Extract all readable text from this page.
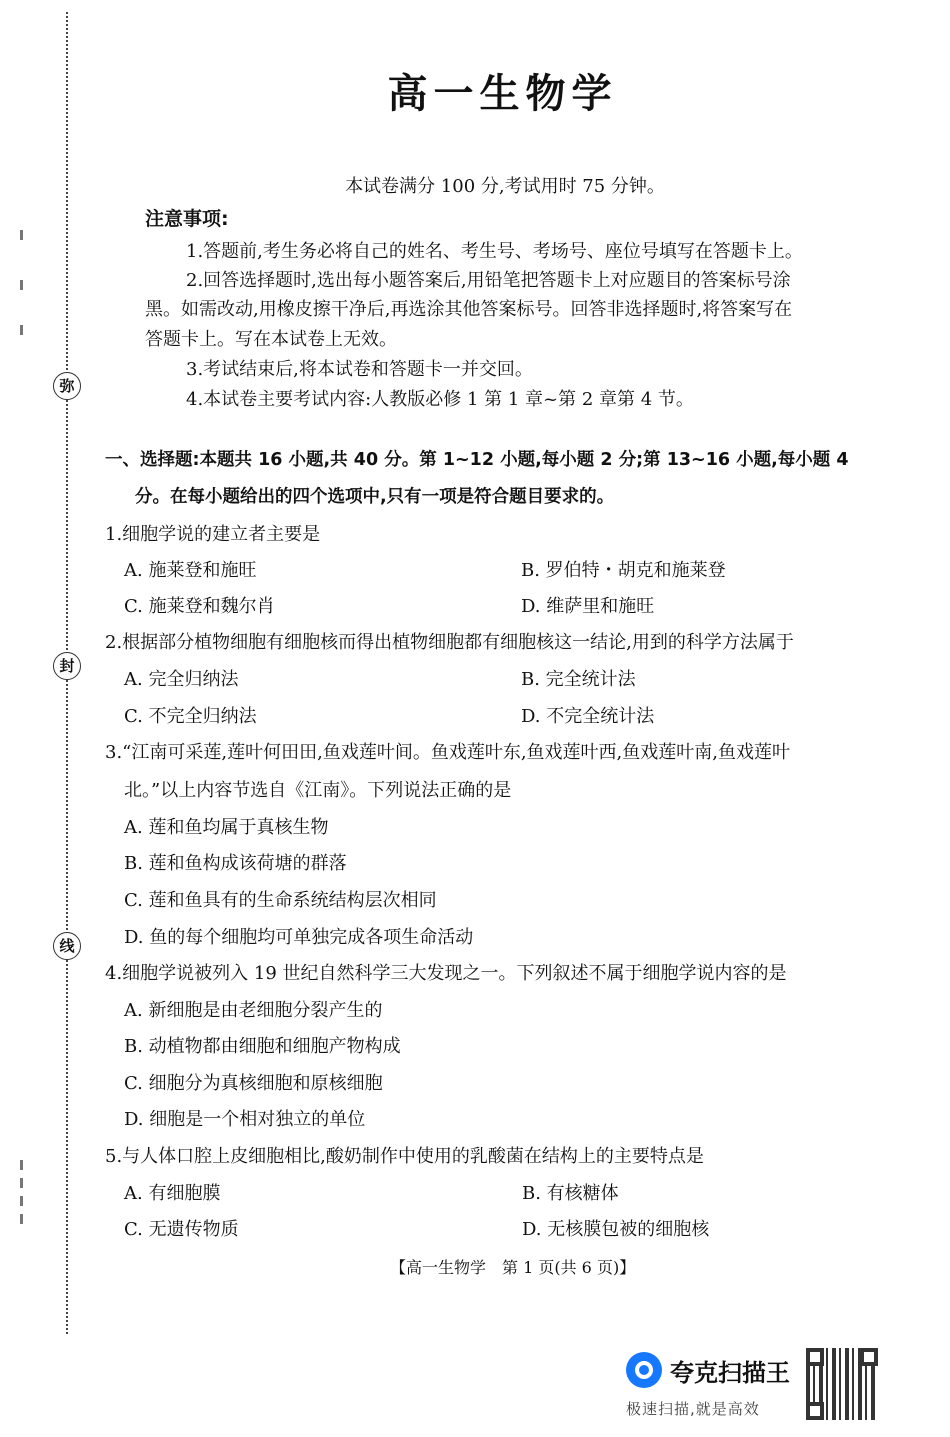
弥
封
线
高一生物学
本试卷满分 100 分,考试用时 75 分钟。
注意事项:
1.答题前,考生务必将自己的姓名、考生号、考场号、座位号填写在答题卡上。
2.回答选择题时,选出每小题答案后,用铅笔把答题卡上对应题目的答案标号涂
黑。如需改动,用橡皮擦干净后,再选涂其他答案标号。回答非选择题时,将答案写在
答题卡上。写在本试卷上无效。
3.考试结束后,将本试卷和答题卡一并交回。
4.本试卷主要考试内容:人教版必修 1 第 1 章~第 2 章第 4 节。
一、选择题:本题共 16 小题,共 40 分。第 1~12 小题,每小题 2 分;第 13~16 小题,每小题 4
分。在每小题给出的四个选项中,只有一项是符合题目要求的。
1.细胞学说的建立者主要是
A. 施莱登和施旺	B. 罗伯特・胡克和施莱登
C. 施莱登和魏尔肖	D. 维萨里和施旺
2.根据部分植物细胞有细胞核而得出植物细胞都有细胞核这一结论,用到的科学方法属于
A. 完全归纳法	B. 完全统计法
C. 不完全归纳法	D. 不完全统计法
3.“江南可采莲,莲叶何田田,鱼戏莲叶间。鱼戏莲叶东,鱼戏莲叶西,鱼戏莲叶南,鱼戏莲叶
北。”以上内容节选自《江南》。下列说法正确的是
A. 莲和鱼均属于真核生物
B. 莲和鱼构成该荷塘的群落
C. 莲和鱼具有的生命系统结构层次相同
D. 鱼的每个细胞均可单独完成各项生命活动
4.细胞学说被列入 19 世纪自然科学三大发现之一。下列叙述不属于细胞学说内容的是
A. 新细胞是由老细胞分裂产生的
B. 动植物都由细胞和细胞产物构成
C. 细胞分为真核细胞和原核细胞
D. 细胞是一个相对独立的单位
5.与人体口腔上皮细胞相比,酸奶制作中使用的乳酸菌在结构上的主要特点是
A. 有细胞膜	B. 有核糖体
C. 无遗传物质	D. 无核膜包被的细胞核
【高一生物学　第 1 页(共 6 页)】
夸克扫描王
极速扫描,就是高效
